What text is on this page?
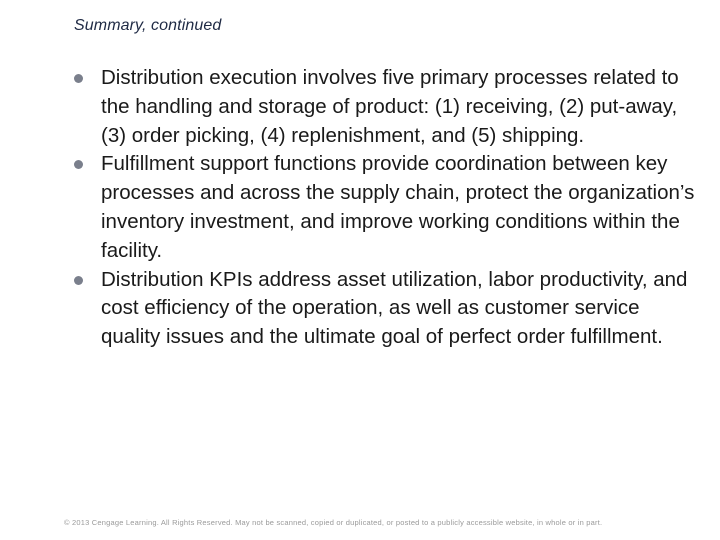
Summary, continued
Distribution execution involves five primary processes related to the handling and storage of product: (1) receiving, (2) put-away, (3) order picking, (4) replenishment, and (5) shipping.
Fulfillment support functions provide coordination between key processes and across the supply chain, protect the organization’s inventory investment, and improve working conditions within the facility.
Distribution KPIs address asset utilization, labor productivity, and cost efficiency of the operation, as well as customer service quality issues and the ultimate goal of perfect order fulfillment.
© 2013 Cengage Learning. All Rights Reserved. May not be scanned, copied or duplicated, or posted to a publicly accessible website, in whole or in part.
